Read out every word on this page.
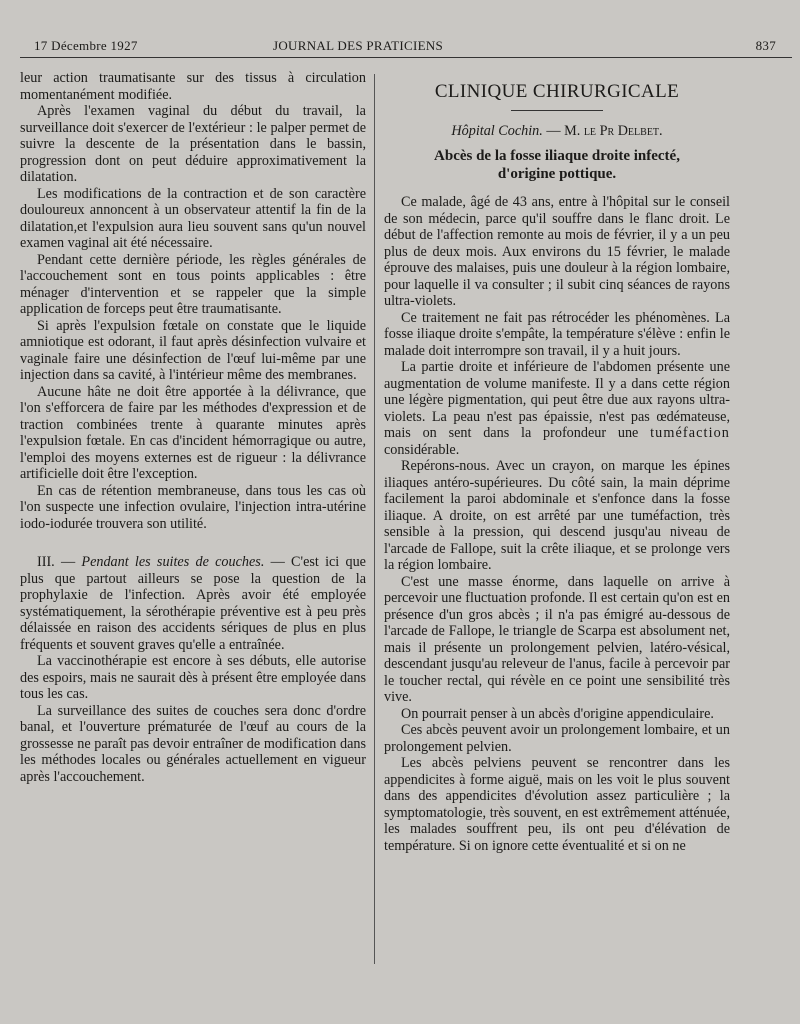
17 Décembre 1927	JOURNAL DES PRATICIENS	837

leur action traumatisante sur des tissus à circulation momentanément modifiée.

Après l'examen vaginal du début du travail, la surveillance doit s'exercer de l'extérieur : le palper permet de suivre la descente de la présentation dans le bassin, progression dont on peut déduire approximativement la dilatation.

Les modifications de la contraction et de son caractère douloureux annoncent à un observateur attentif la fin de la dilatation,et l'expulsion aura lieu souvent sans qu'un nouvel examen vaginal ait été nécessaire.

Pendant cette dernière période, les règles générales de l'accouchement sont en tous points applicables : être ménager d'intervention et se rappeler que la simple application de forceps peut être traumatisante.

Si après l'expulsion fœtale on constate que le liquide amniotique est odorant, il faut après désinfection vulvaire et vaginale faire une désinfection de l'œuf lui-même par une injection dans sa cavité, à l'intérieur même des membranes.

Aucune hâte ne doit être apportée à la délivrance, que l'on s'efforcera de faire par les méthodes d'expression et de traction combinées trente à quarante minutes après l'expulsion fœtale. En cas d'incident hémorragique ou autre, l'emploi des moyens externes est de rigueur : la délivrance artificielle doit être l'exception.

En cas de rétention membraneuse, dans tous les cas où l'on suspecte une infection ovulaire, l'injection intra-utérine iodo-iodurée trouvera son utilité.

III. — Pendant les suites de couches. — C'est ici que plus que partout ailleurs se pose la question de la prophylaxie de l'infection. Après avoir été employée systématiquement, la sérothérapie préventive est à peu près délaissée en raison des accidents sériques de plus en plus fréquents et souvent graves qu'elle a entraînée.

La vaccinothérapie est encore à ses débuts, elle autorise des espoirs, mais ne saurait dès à présent être employée dans tous les cas.

La surveillance des suites de couches sera donc d'ordre banal, et l'ouverture prématurée de l'œuf au cours de la grossesse ne paraît pas devoir entraîner de modification dans les méthodes locales ou générales actuellement en vigueur après l'accouchement.

CLINIQUE CHIRURGICALE
Hôpital Cochin. — M. le Pr Delbet.
Abcès de la fosse iliaque droite infecté,
d'origine pottique.

Ce malade, âgé de 43 ans, entre à l'hôpital sur le conseil de son médecin, parce qu'il souffre dans le flanc droit. Le début de l'affection remonte au mois de février, il y a un peu plus de deux mois. Aux environs du 15 février, le malade éprouve des malaises, puis une douleur à la région lombaire, pour laquelle il va consulter ; il subit cinq séances de rayons ultra-violets.

Ce traitement ne fait pas rétrocéder les phénomènes. La fosse iliaque droite s'empâte, la température s'élève : enfin le malade doit interrompre son travail, il y a huit jours.

La partie droite et inférieure de l'abdomen présente une augmentation de volume manifeste. Il y a dans cette région une légère pigmentation, qui peut être due aux rayons ultra-violets. La peau n'est pas épaissie, n'est pas œdémateuse, mais on sent dans la profondeur une tuméfaction considérable.

Repérons-nous. Avec un crayon, on marque les épines iliaques antéro-supérieures. Du côté sain, la main déprime facilement la paroi abdominale et s'enfonce dans la fosse iliaque. A droite, on est arrêté par une tuméfaction, très sensible à la pression, qui descend jusqu'au niveau de l'arcade de Fallope, suit la crête iliaque, et se prolonge vers la région lombaire.

C'est une masse énorme, dans laquelle on arrive à percevoir une fluctuation profonde. Il est certain qu'on est en présence d'un gros abcès ; il n'a pas émigré au-dessous de l'arcade de Fallope, le triangle de Scarpa est absolument net, mais il présente un prolongement pelvien, latéro-vésical, descendant jusqu'au releveur de l'anus, facile à percevoir par le toucher rectal, qui révèle en ce point une sensibilité très vive.

On pourrait penser à un abcès d'origine appendiculaire.

Ces abcès peuvent avoir un prolongement lombaire, et un prolongement pelvien.

Les abcès pelviens peuvent se rencontrer dans les appendicites à forme aiguë, mais on les voit le plus souvent dans des appendicites d'évolution assez particulière ; la symptomatologie, très souvent, en est extrêmement atténuée, les malades souffrent peu, ils ont peu d'élévation de température. Si on ignore cette éventualité et si on ne
